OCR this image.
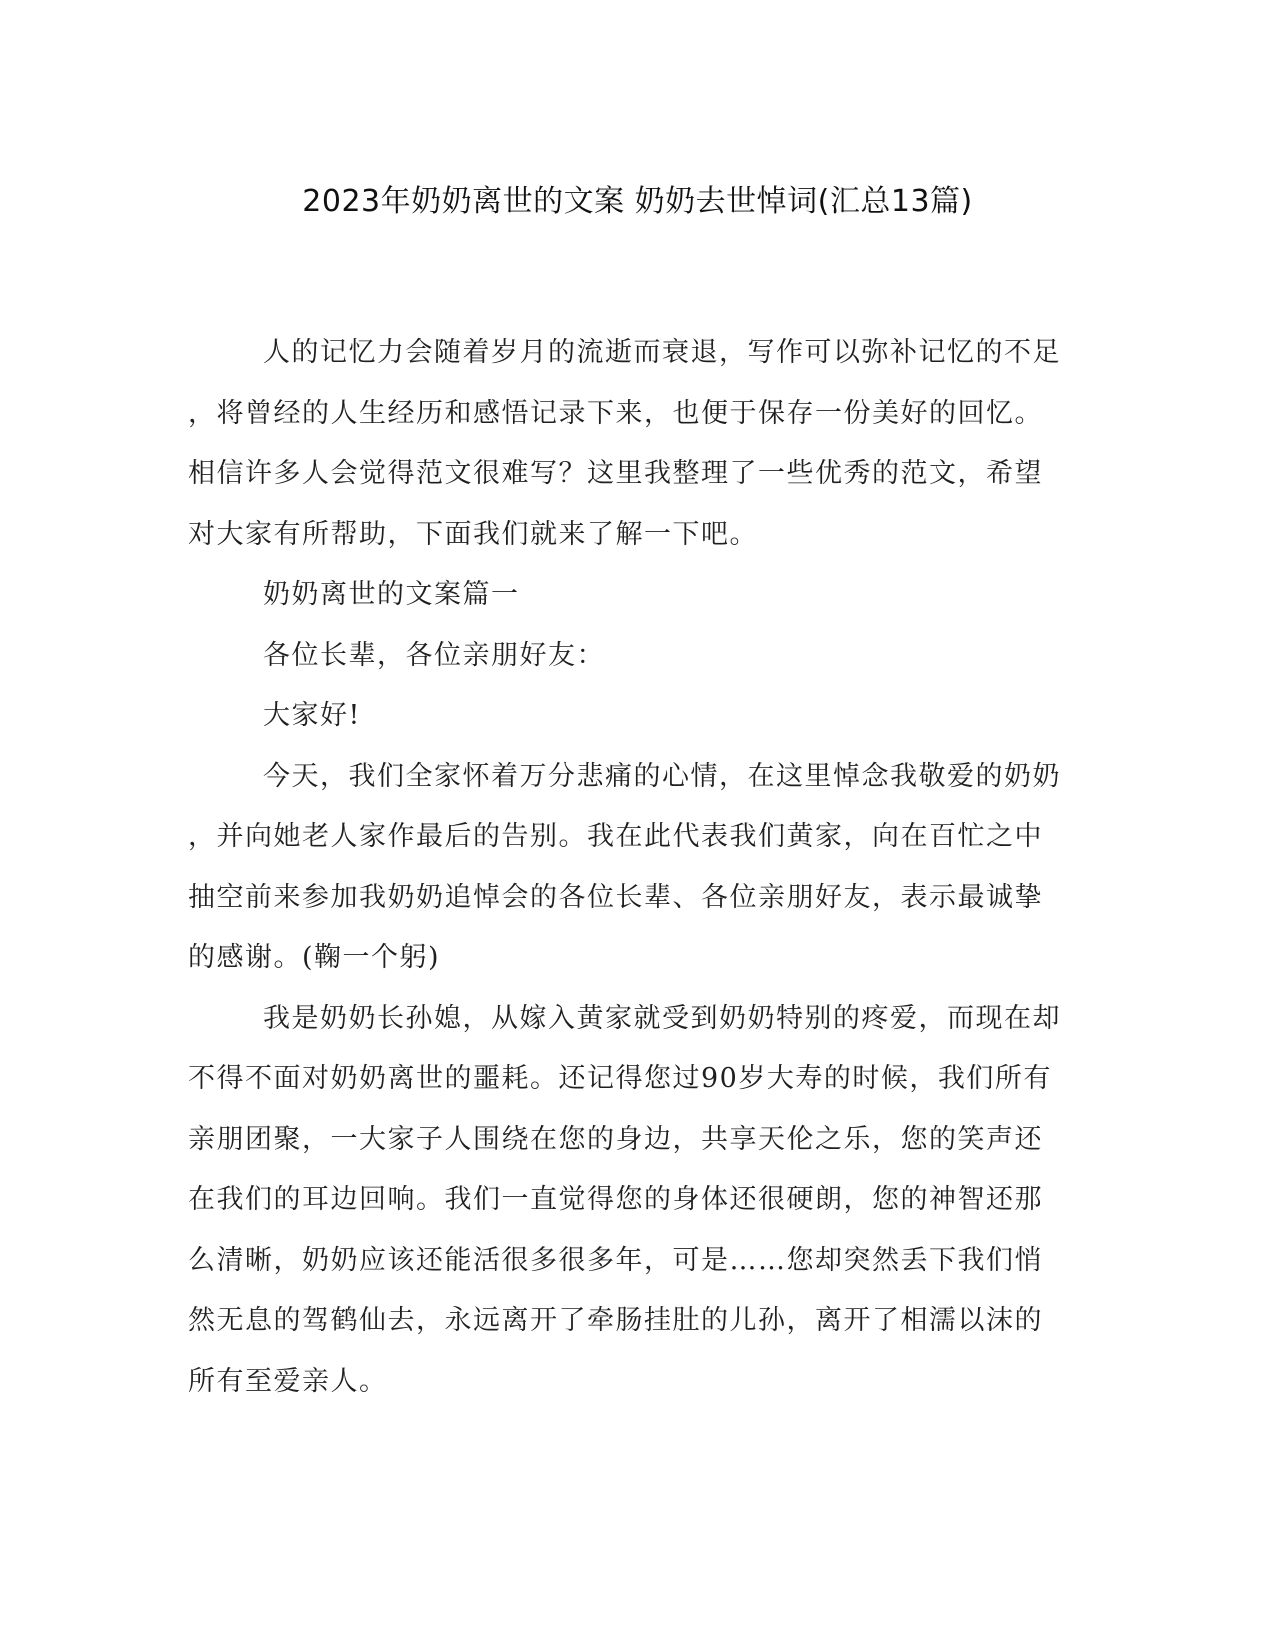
2023年奶奶离世的文案 奶奶去世悼词(汇总13篇)
人的记忆力会随着岁月的流逝而衰退，写作可以弥补记忆的不足
，将曾经的人生经历和感悟记录下来，也便于保存一份美好的回忆。
相信许多人会觉得范文很难写？这里我整理了一些优秀的范文，希望
对大家有所帮助，下面我们就来了解一下吧。
奶奶离世的文案篇一
各位长辈，各位亲朋好友：
大家好!
今天，我们全家怀着万分悲痛的心情，在这里悼念我敬爱的奶奶
，并向她老人家作最后的告别。我在此代表我们黄家，向在百忙之中
抽空前来参加我奶奶追悼会的各位长辈、各位亲朋好友，表示最诚挚
的感谢。(鞠一个躬)
我是奶奶长孙媳，从嫁入黄家就受到奶奶特别的疼爱，而现在却
不得不面对奶奶离世的噩耗。还记得您过90岁大寿的时候，我们所有
亲朋团聚，一大家子人围绕在您的身边，共享天伦之乐，您的笑声还
在我们的耳边回响。我们一直觉得您的身体还很硬朗，您的神智还那
么清晰，奶奶应该还能活很多很多年，可是……您却突然丢下我们悄
然无息的驾鹤仙去，永远离开了牵肠挂肚的儿孙，离开了相濡以沫的
所有至爱亲人。
